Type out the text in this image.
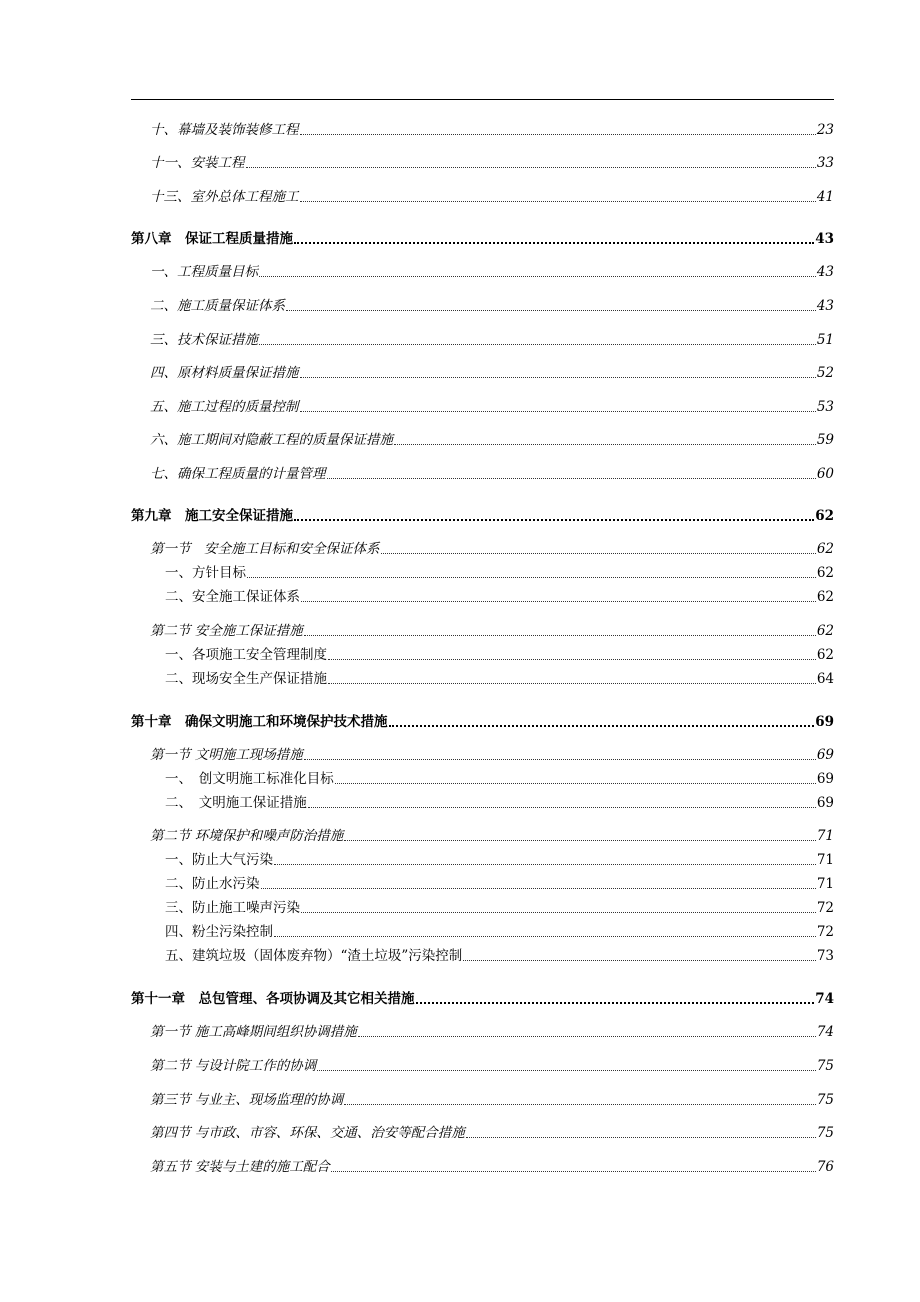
十、幕墙及装饰装修工程	23
十一、安装工程	33
十三、室外总体工程施工	41
第八章　保证工程质量措施	43
一、工程质量目标	43
二、施工质量保证体系	43
三、技术保证措施	51
四、原材料质量保证措施	52
五、施工过程的质量控制	53
六、施工期间对隐蔽工程的质量保证措施	59
七、确保工程质量的计量管理	60
第九章　施工安全保证措施	62
第一节　安全施工目标和安全保证体系	62
一、方针目标	62
二、安全施工保证体系	62
第二节 安全施工保证措施	62
一、各项施工安全管理制度	62
二、现场安全生产保证措施	64
第十章　确保文明施工和环境保护技术措施	69
第一节 文明施工现场措施	69
一、　创文明施工标准化目标	69
二、　文明施工保证措施	69
第二节 环境保护和噪声防治措施	71
一、防止大气污染	71
二、防止水污染	71
三、防止施工噪声污染	72
四、粉尘污染控制	72
五、建筑垃圾（固体废弃物）“渣土垃圾”污染控制	73
第十一章　总包管理、各项协调及其它相关措施	74
第一节 施工高峰期间组织协调措施	74
第二节 与设计院工作的协调	75
第三节 与业主、现场监理的协调	75
第四节 与市政、市容、环保、交通、治安等配合措施	75
第五节 安装与土建的施工配合	76
